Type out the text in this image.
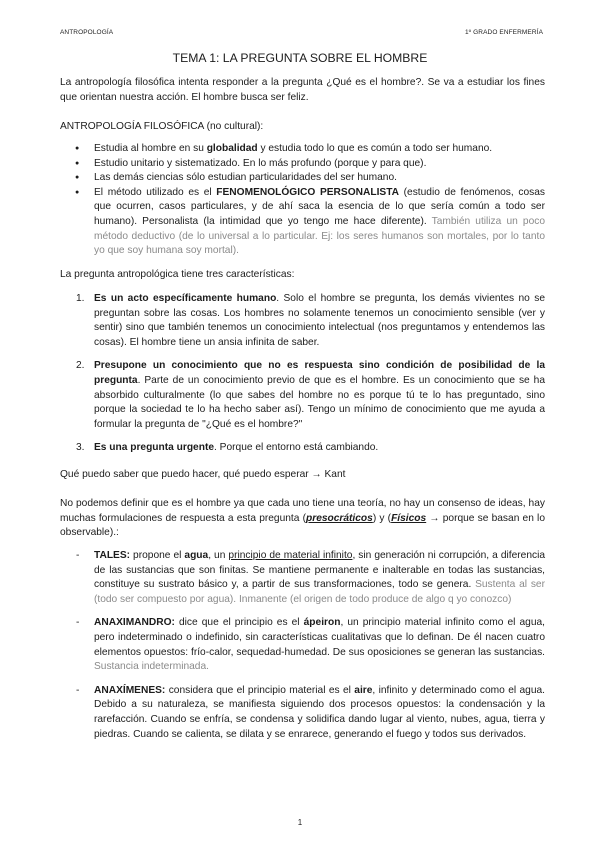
ANTROPOLOGÍA	1º GRADO ENFERMERÍA
TEMA 1: LA PREGUNTA SOBRE EL HOMBRE

La antropología filosófica intenta responder a la pregunta ¿Qué es el hombre?. Se va a estudiar los fines que orientan nuestra acción. El hombre busca ser feliz.

ANTROPOLOGÍA FILOSÓFICA (no cultural):

● Estudia al hombre en su globalidad y estudia todo lo que es común a todo ser humano.
● Estudio unitario y sistematizado. En lo más profundo (porque y para que).
● Las demás ciencias sólo estudian particularidades del ser humano.
● El método utilizado es el FENOMENOLÓGICO PERSONALISTA (estudio de fenómenos, cosas que ocurren, casos particulares, y de ahí saca la esencia de lo que sería común a todo ser humano). Personalista (la intimidad que yo tengo me hace diferente). También utiliza un poco método deductivo (de lo universal a lo particular. Ej: los seres humanos son mortales, por lo tanto yo que soy humana soy mortal).

La pregunta antropológica tiene tres características:

1. Es un acto específicamente humano. Solo el hombre se pregunta, los demás vivientes no se preguntan sobre las cosas. Los hombres no solamente tenemos un conocimiento sensible (ver y sentir) sino que también tenemos un conocimiento intelectual (nos preguntamos y entendemos las cosas). El hombre tiene un ansia infinita de saber.
2. Presupone un conocimiento que no es respuesta sino condición de posibilidad de la pregunta. Parte de un conocimiento previo de que es el hombre. Es un conocimiento que se ha absorbido culturalmente (lo que sabes del hombre no es porque tú te lo has preguntado, sino porque la sociedad te lo ha hecho saber así). Tengo un mínimo de conocimiento que me ayuda a formular la pregunta de "¿Qué es el hombre?"
3. Es una pregunta urgente. Porque el entorno está cambiando.

Qué puedo saber que puedo hacer, qué puedo esperar → Kant

No podemos definir que es el hombre ya que cada uno tiene una teoría, no hay un consenso de ideas, hay muchas formulaciones de respuesta a esta pregunta (presocráticos) y (Físicos → porque se basan en lo observable).:

- TALES: propone el agua, un principio de material infinito, sin generación ni corrupción, a diferencia de las sustancias que son finitas. Se mantiene permanente e inalterable en todas las sustancias, constituye su sustrato básico y, a partir de sus transformaciones, todo se genera. Sustenta al ser (todo ser compuesto por agua). Inmanente (el origen de todo produce de algo q yo conozco)
- ANAXIMANDRO: dice que el principio es el ápeiron, un principio material infinito como el agua, pero indeterminado o indefinido, sin características cualitativas que lo definan. De él nacen cuatro elementos opuestos: frío-calor, sequedad-humedad. De sus oposiciones se generan las sustancias. Sustancia indeterminada.
- ANAXÍMENES: considera que el principio material es el aire, infinito y determinado como el agua. Debido a su naturaleza, se manifiesta siguiendo dos procesos opuestos: la condensación y la rarefacción. Cuando se enfría, se condensa y solidifica dando lugar al viento, nubes, agua, tierra y piedras. Cuando se calienta, se dilata y se enrarece, generando el fuego y todos sus derivados.
1
